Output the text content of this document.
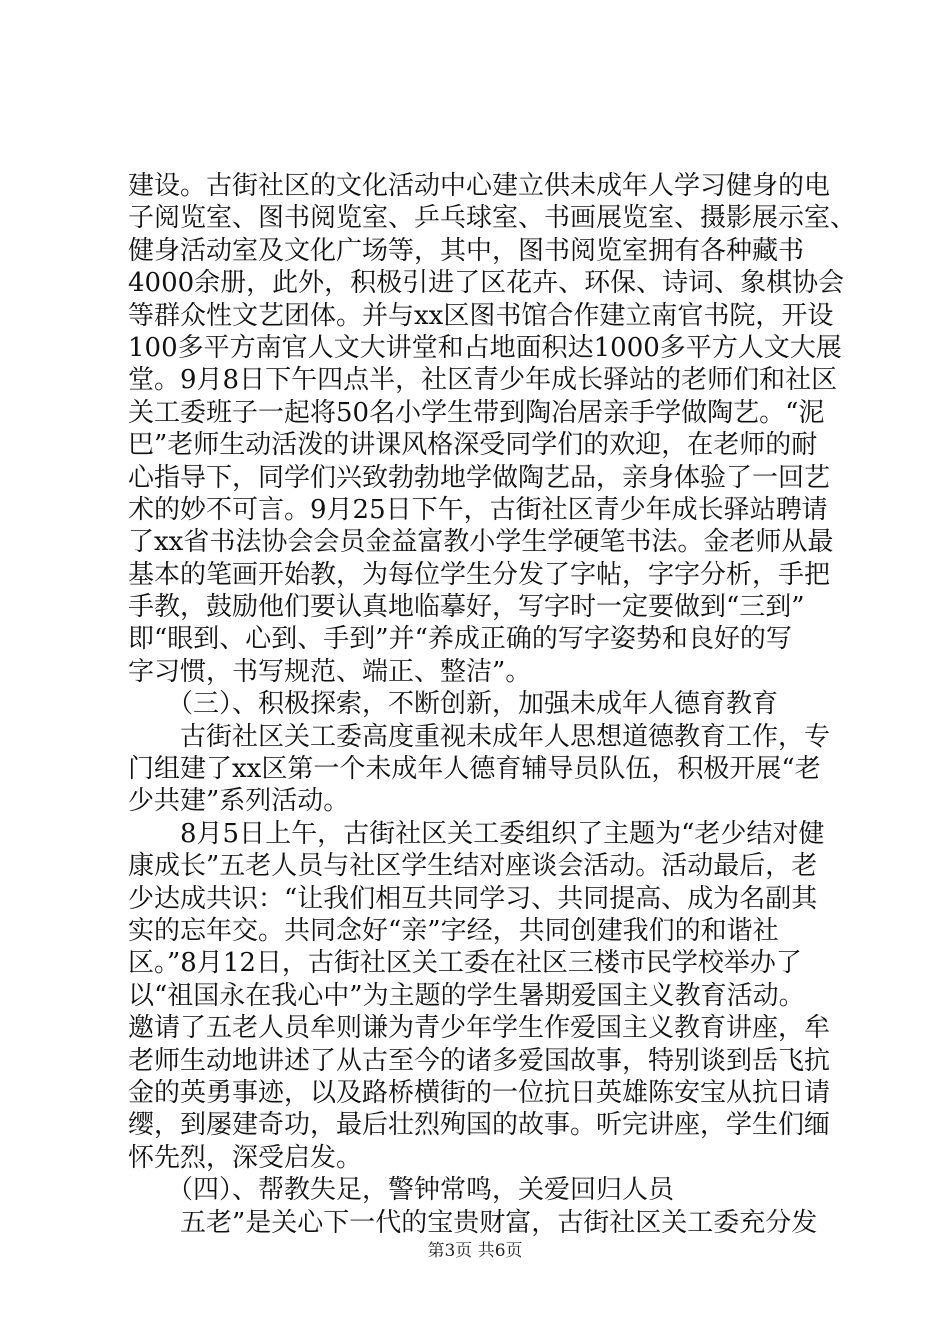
建设。古街社区的文化活动中心建立供未成年人学习健身的电
子阅览室、图书阅览室、乒乓球室、书画展览室、摄影展示室、
健身活动室及文化广场等，其中，图书阅览室拥有各种藏书
4000余册，此外，积极引进了区花卉、环保、诗词、象棋协会
等群众性文艺团体。并与xx区图书馆合作建立南官书院，开设
100多平方南官人文大讲堂和占地面积达1000多平方人文大展
堂。9月8日下午四点半，社区青少年成长驿站的老师们和社区
关工委班子一起将50名小学生带到陶冶居亲手学做陶艺。“泥
巴”老师生动活泼的讲课风格深受同学们的欢迎，在老师的耐
心指导下，同学们兴致勃勃地学做陶艺品，亲身体验了一回艺
术的妙不可言。9月25日下午，古街社区青少年成长驿站聘请
了xx省书法协会会员金益富教小学生学硬笔书法。金老师从最
基本的笔画开始教，为每位学生分发了字帖，字字分析，手把
手教，鼓励他们要认真地临摹好，写字时一定要做到“三到”
即“眼到、心到、手到”并“养成正确的写字姿势和良好的写
字习惯，书写规范、端正、整洁”。
　　（三）、积极探索，不断创新，加强未成年人德育教育
　　古街社区关工委高度重视未成年人思想道德教育工作，专
门组建了xx区第一个未成年人德育辅导员队伍，积极开展“老
少共建”系列活动。
　　8月5日上午，古街社区关工委组织了主题为“老少结对健
康成长”五老人员与社区学生结对座谈会活动。活动最后，老
少达成共识：“让我们相互共同学习、共同提高、成为名副其
实的忘年交。共同念好“亲”字经，共同创建我们的和谐社
区。”8月12日，古街社区关工委在社区三楼市民学校举办了
以“祖国永在我心中”为主题的学生暑期爱国主义教育活动。
邀请了五老人员牟则谦为青少年学生作爱国主义教育讲座，牟
老师生动地讲述了从古至今的诸多爱国故事，特别谈到岳飞抗
金的英勇事迹，以及路桥横街的一位抗日英雄陈安宝从抗日请
缨，到屡建奇功，最后壮烈殉国的故事。听完讲座，学生们缅
怀先烈，深受启发。
　　（四）、帮教失足，警钟常鸣，关爱回归人员
　　五老”是关心下一代的宝贵财富，古街社区关工委充分发
第3页 共6页
